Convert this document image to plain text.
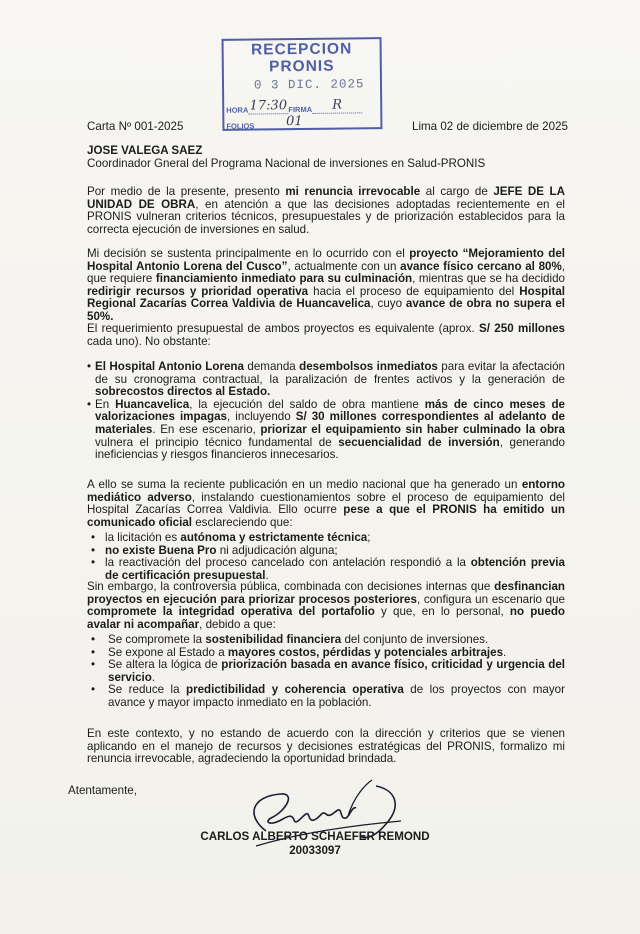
RECEPCION
PRONIS
0 3 DIC. 2025
HORA17:30FIRMA R
FOLIOS 01
Carta Nº 001-2025	Lima 02 de diciembre de 2025
JOSE VALEGA SAEZ
Coordinador Gneral del Programa Nacional de inversiones en Salud-PRONIS
Por medio de la presente, presento mi renuncia irrevocable al cargo de JEFE DE LA UNIDAD DE OBRA, en atención a que las decisiones adoptadas recientemente en el PRONIS vulneran criterios técnicos, presupuestales y de priorización establecidos para la correcta ejecución de inversiones en salud.
Mi decisión se sustenta principalmente en lo ocurrido con el proyecto “Mejoramiento del Hospital Antonio Lorena del Cusco”, actualmente con un avance físico cercano al 80%, que requiere financiamiento inmediato para su culminación, mientras que se ha decidido redirigir recursos y prioridad operativa hacia el proceso de equipamiento del Hospital Regional Zacarías Correa Valdivia de Huancavelica, cuyo avance de obra no supera el 50%.
El requerimiento presupuestal de ambos proyectos es equivalente (aprox. S/ 250 millones cada uno). No obstante:
• El Hospital Antonio Lorena demanda desembolsos inmediatos para evitar la afectación de su cronograma contractual, la paralización de frentes activos y la generación de sobrecostos directos al Estado.
• En Huancavelica, la ejecución del saldo de obra mantiene más de cinco meses de valorizaciones impagas, incluyendo S/ 30 millones correspondientes al adelanto de materiales. En ese escenario, priorizar el equipamiento sin haber culminado la obra vulnera el principio técnico fundamental de secuencialidad de inversión, generando ineficiencias y riesgos financieros innecesarios.
A ello se suma la reciente publicación en un medio nacional que ha generado un entorno mediático adverso, instalando cuestionamientos sobre el proceso de equipamiento del Hospital Zacarías Correa Valdivia. Ello ocurre pese a que el PRONIS ha emitido un comunicado oficial esclareciendo que:
• la licitación es autónoma y estrictamente técnica;
• no existe Buena Pro ni adjudicación alguna;
• la reactivación del proceso cancelado con antelación respondió a la obtención previa de certificación presupuestal.
Sin embargo, la controversia pública, combinada con decisiones internas que desfinancian proyectos en ejecución para priorizar procesos posteriores, configura un escenario que compromete la integridad operativa del portafolio y que, en lo personal, no puedo avalar ni acompañar, debido a que:
• Se compromete la sostenibilidad financiera del conjunto de inversiones.
• Se expone al Estado a mayores costos, pérdidas y potenciales arbitrajes.
• Se altera la lógica de priorización basada en avance físico, criticidad y urgencia del servicio.
• Se reduce la predictibilidad y coherencia operativa de los proyectos con mayor avance y mayor impacto inmediato en la población.
En este contexto, y no estando de acuerdo con la dirección y criterios que se vienen aplicando en el manejo de recursos y decisiones estratégicas del PRONIS, formalizo mi renuncia irrevocable, agradeciendo la oportunidad brindada.
Atentamente,
CARLOS ALBERTO SCHAEFER REMOND
20033097
